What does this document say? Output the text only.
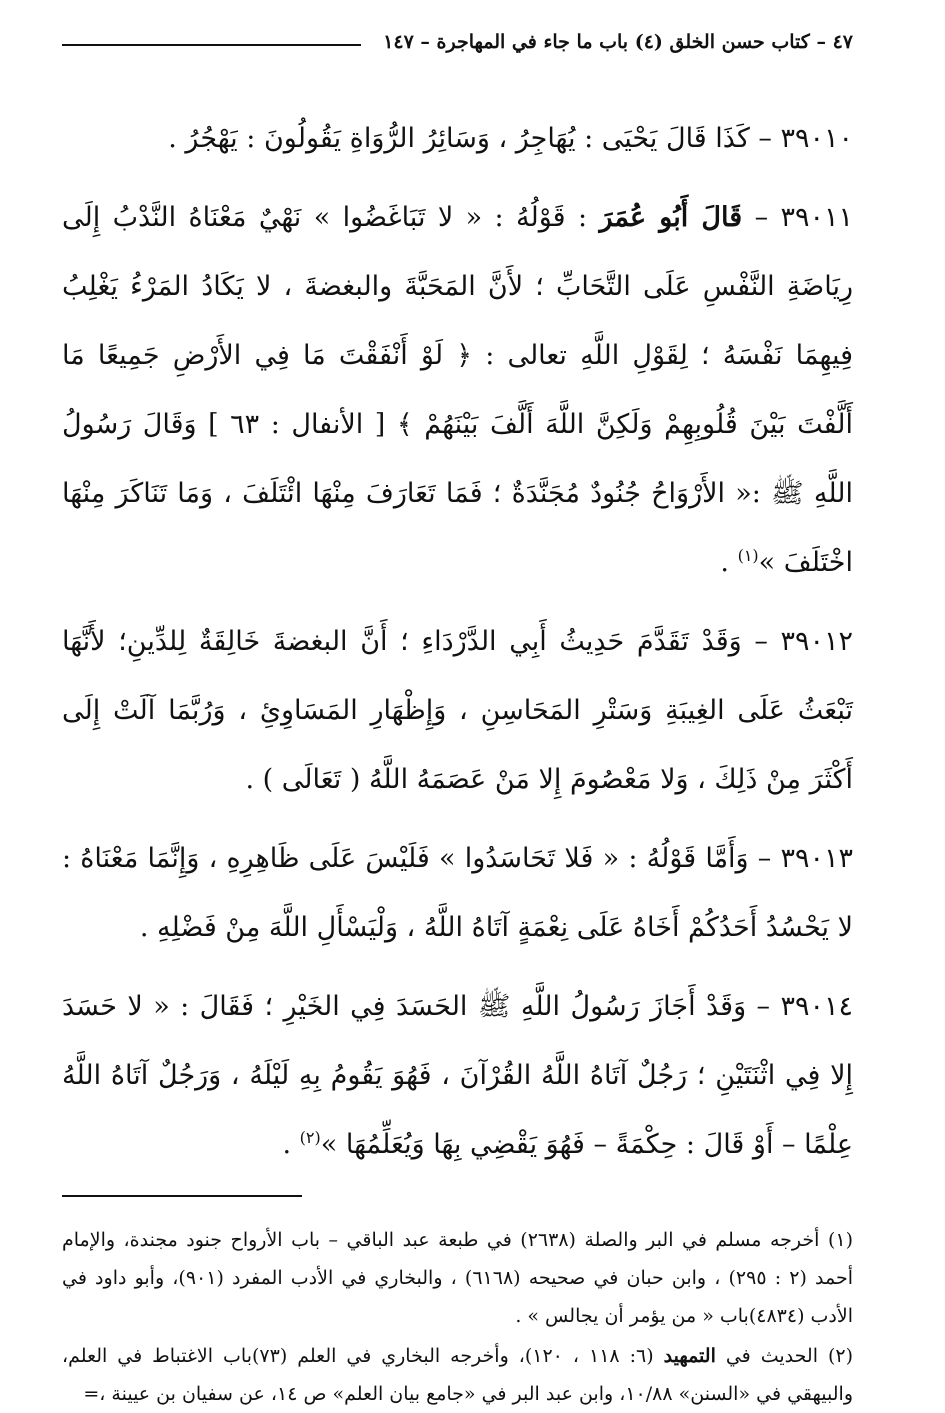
٤٧ – كتاب حسن الخلق (٤) باب ما جاء في المهاجرة – ١٤٧

٣٩٠١٠ – كَذَا قَالَ يَحْيَى : يُهَاجِرُ ، وَسَائِرُ الرُّوَاةِ يَقُولُونَ : يَهْجُرُ .

٣٩٠١١ – قَالَ أَبُو عُمَرَ : قَوْلُهُ : « لا تَبَاغَضُوا » نَهْيٌ مَعْنَاهُ النَّدْبُ إِلَى رِيَاضَةِ النَّفْسِ عَلَى التَّحَابِّ ؛ لأَنَّ المَحَبَّةَ والبغضةَ ، لا يَكَادُ المَرْءُ يَغْلِبُ فِيهِمَا نَفْسَهُ ؛ لِقَوْلِ اللَّهِ تعالى : ﴿ لَوْ أَنْفَقْتَ مَا فِي الأَرْضِ جَمِيعًا مَا أَلَّفْتَ بَيْنَ قُلُوبِهِمْ وَلَكِنَّ اللَّهَ أَلَّفَ بَيْنَهُمْ ﴾ [ الأنفال : ٦٣ ] وَقَالَ رَسُولُ اللَّهِ ﷺ :« الأَرْوَاحُ جُنُودٌ مُجَنَّدَةٌ ؛ فَمَا تَعَارَفَ مِنْهَا ائْتَلَفَ ، وَمَا تَنَاكَرَ مِنْهَا اخْتَلَفَ »$^{(١)}$ .

٣٩٠١٢ – وَقَدْ تَقَدَّمَ حَدِيثُ أَبِي الدَّرْدَاءِ ؛ أَنَّ البغضةَ خَالِقَةٌ لِلدِّينِ؛ لأَنَّهَا تَبْعَثُ عَلَى الغِيبَةِ وَسَتْرِ المَحَاسِنِ ، وَإِظْهَارِ المَسَاوِئِ ، وَرُبَّمَا آلَتْ إِلَى أَكْثَرَ مِنْ ذَلِكَ ، وَلا مَعْصُومَ إِلا مَنْ عَصَمَهُ اللَّهُ ( تَعَالَى ) .

٣٩٠١٣ – وَأَمَّا قَوْلُهُ : « فَلا تَحَاسَدُوا » فَلَيْسَ عَلَى ظَاهِرِهِ ، وَإِنَّمَا مَعْنَاهُ : لا يَحْسُدُ أَحَدُكُمْ أَخَاهُ عَلَى نِعْمَةٍ آتَاهُ اللَّهُ ، وَلْيَسْأَلِ اللَّهَ مِنْ فَضْلِهِ .

٣٩٠١٤ – وَقَدْ أَجَازَ رَسُولُ اللَّهِ ﷺ الحَسَدَ فِي الخَيْرِ ؛ فَقَالَ : « لا حَسَدَ إِلا فِي اثْنَتَيْنِ ؛ رَجُلٌ آتَاهُ اللَّهُ القُرْآنَ ، فَهُوَ يَقُومُ بِهِ لَيْلَهُ ، وَرَجُلٌ آتَاهُ اللَّهُ عِلْمًا – أَوْ قَالَ : حِكْمَةً – فَهُوَ يَقْضِي بِهَا وَيُعَلِّمُهَا »$^{(٢)}$ .

(١) أخرجه مسلم في البر والصلة (٢٦٣٨) في طبعة عبد الباقي – باب الأرواح جنود مجندة، والإمام أحمد (٢ : ٢٩٥) ، وابن حبان في صحيحه (٦١٦٨) ، والبخاري في الأدب المفرد (٩٠١)، وأبو داود في الأدب (٤٨٣٤)باب « من يؤمر أن يجالس » .

(٢) الحديث في التمهيد (٦: ١١٨ ، ١٢٠)، وأخرجه البخاري في العلم (٧٣)باب الاغتباط في العلم، والبيهقي في «السنن» ١٠/٨٨، وابن عبد البر في «جامع بيان العلم» ص ١٤، عن سفيان بن عيينة ،=
